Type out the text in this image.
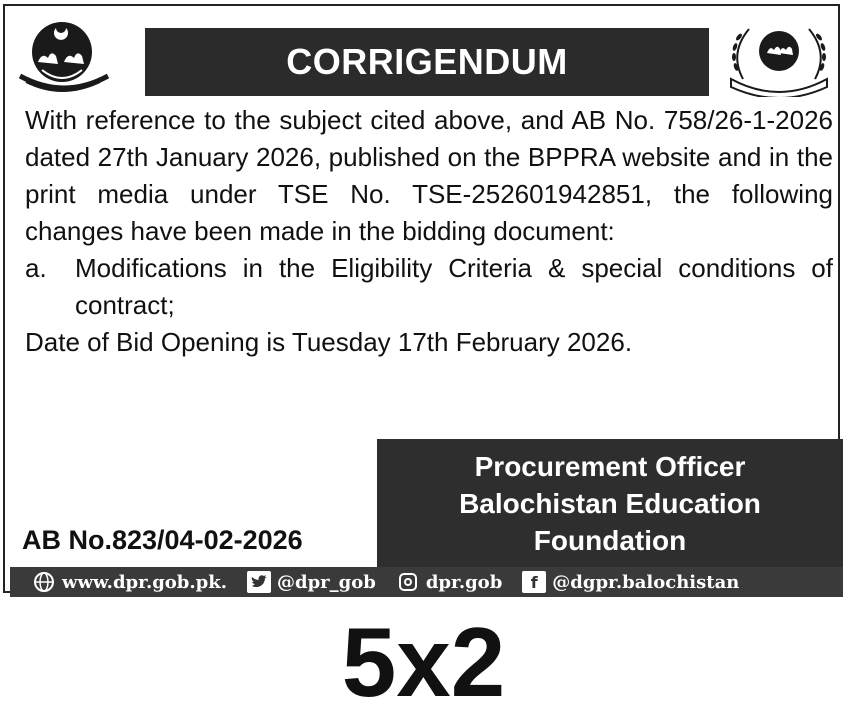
CORRIGENDUM

With reference to the subject cited above, and AB No. 758/26-1-2026 dated 27th January 2026, published on the BPPRA website and in the print media under TSE No. TSE-252601942851, the following changes have been made in the bidding document:

a.	Modifications in the Eligibility Criteria & special conditions of contract;

Date of Bid Opening is Tuesday 17th February 2026.

Procurement Officer
Balochistan Education
Foundation
AB No.823/04-02-2026
www.dpr.gob.pk.	@dpr_gob	dpr.gob	f @dgpr.balochistan
5x2
